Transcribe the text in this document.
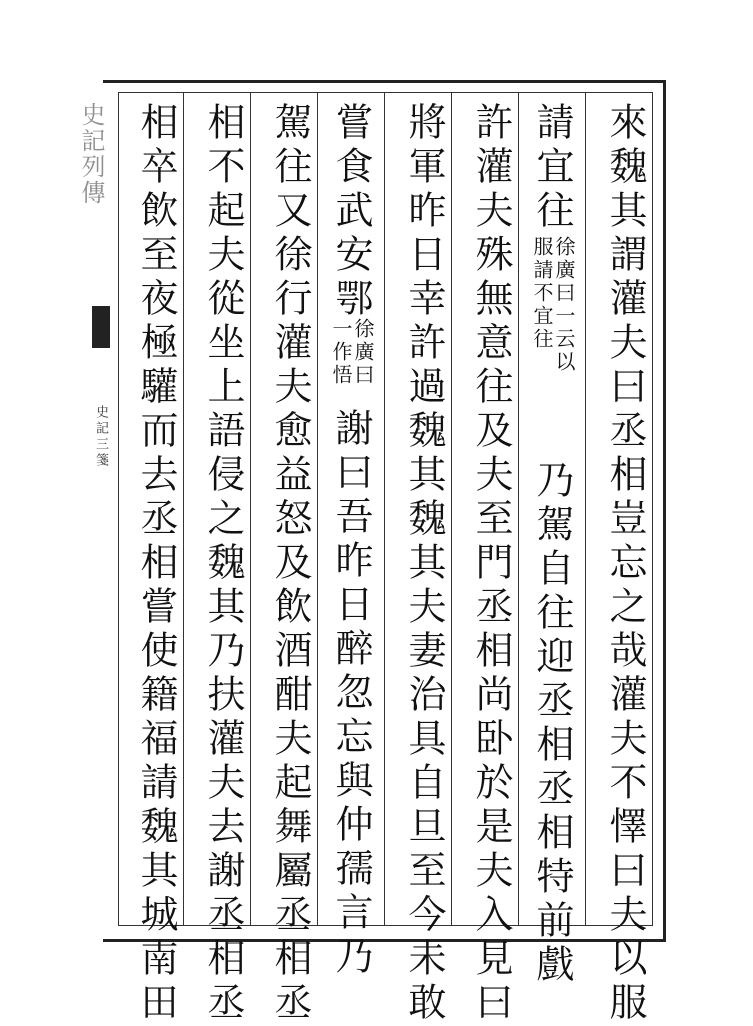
史記列傳
史記三箋	來魏其謂灌夫曰丞相豈忘之哉灌夫不懌曰夫以服
請宜往
徐廣曰一云以
服請不宜往
乃駕自往迎丞相丞相特前戲
許灌夫殊無意往及夫至門丞相尚卧於是夫入見曰
將軍昨日幸許過魏其魏其夫妻治具自旦至今未敢
嘗食武安鄂
徐廣曰
一作悟
謝曰吾昨日醉忽忘與仲孺言乃
駕往又徐行灌夫愈益怒及飲酒酣夫起舞屬丞相丞
相不起夫從坐上語侵之魏其乃扶灌夫去謝丞相丞
相卒飲至夜極驩而去丞相嘗使籍福請魏其城南田
